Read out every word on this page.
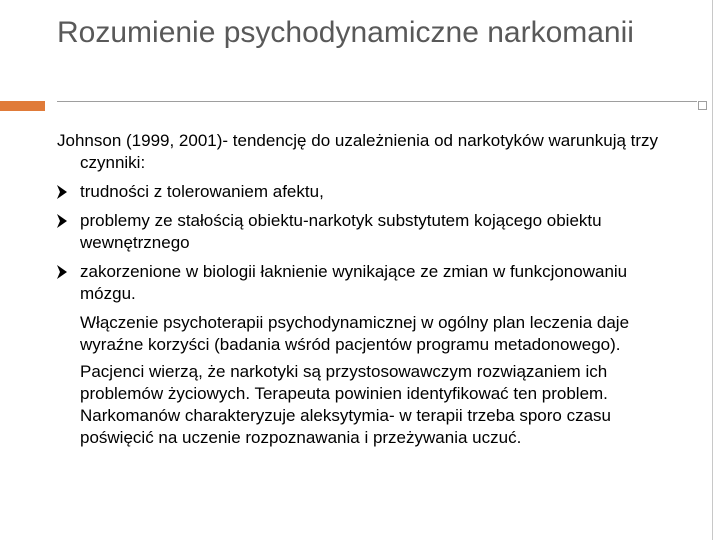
Rozumienie psychodynamiczne narkomanii

Johnson (1999, 2001)- tendencję do uzależnienia od narkotyków warunkują trzy czynniki:

trudności z tolerowaniem afektu,
problemy ze stałością obiektu-narkotyk substytutem kojącego obiektu wewnętrznego
zakorzenione w biologii łaknienie wynikające ze zmian w funkcjonowaniu mózgu.

Włączenie psychoterapii psychodynamicznej w ogólny plan leczenia daje wyraźne korzyści (badania wśród pacjentów programu metadonowego).

Pacjenci wierzą, że narkotyki są przystosowawczym rozwiązaniem ich problemów życiowych. Terapeuta powinien identyfikować ten problem. Narkomanów charakteryzuje aleksytymia- w terapii trzeba sporo czasu poświęcić na uczenie rozpoznawania i przeżywania uczuć.
